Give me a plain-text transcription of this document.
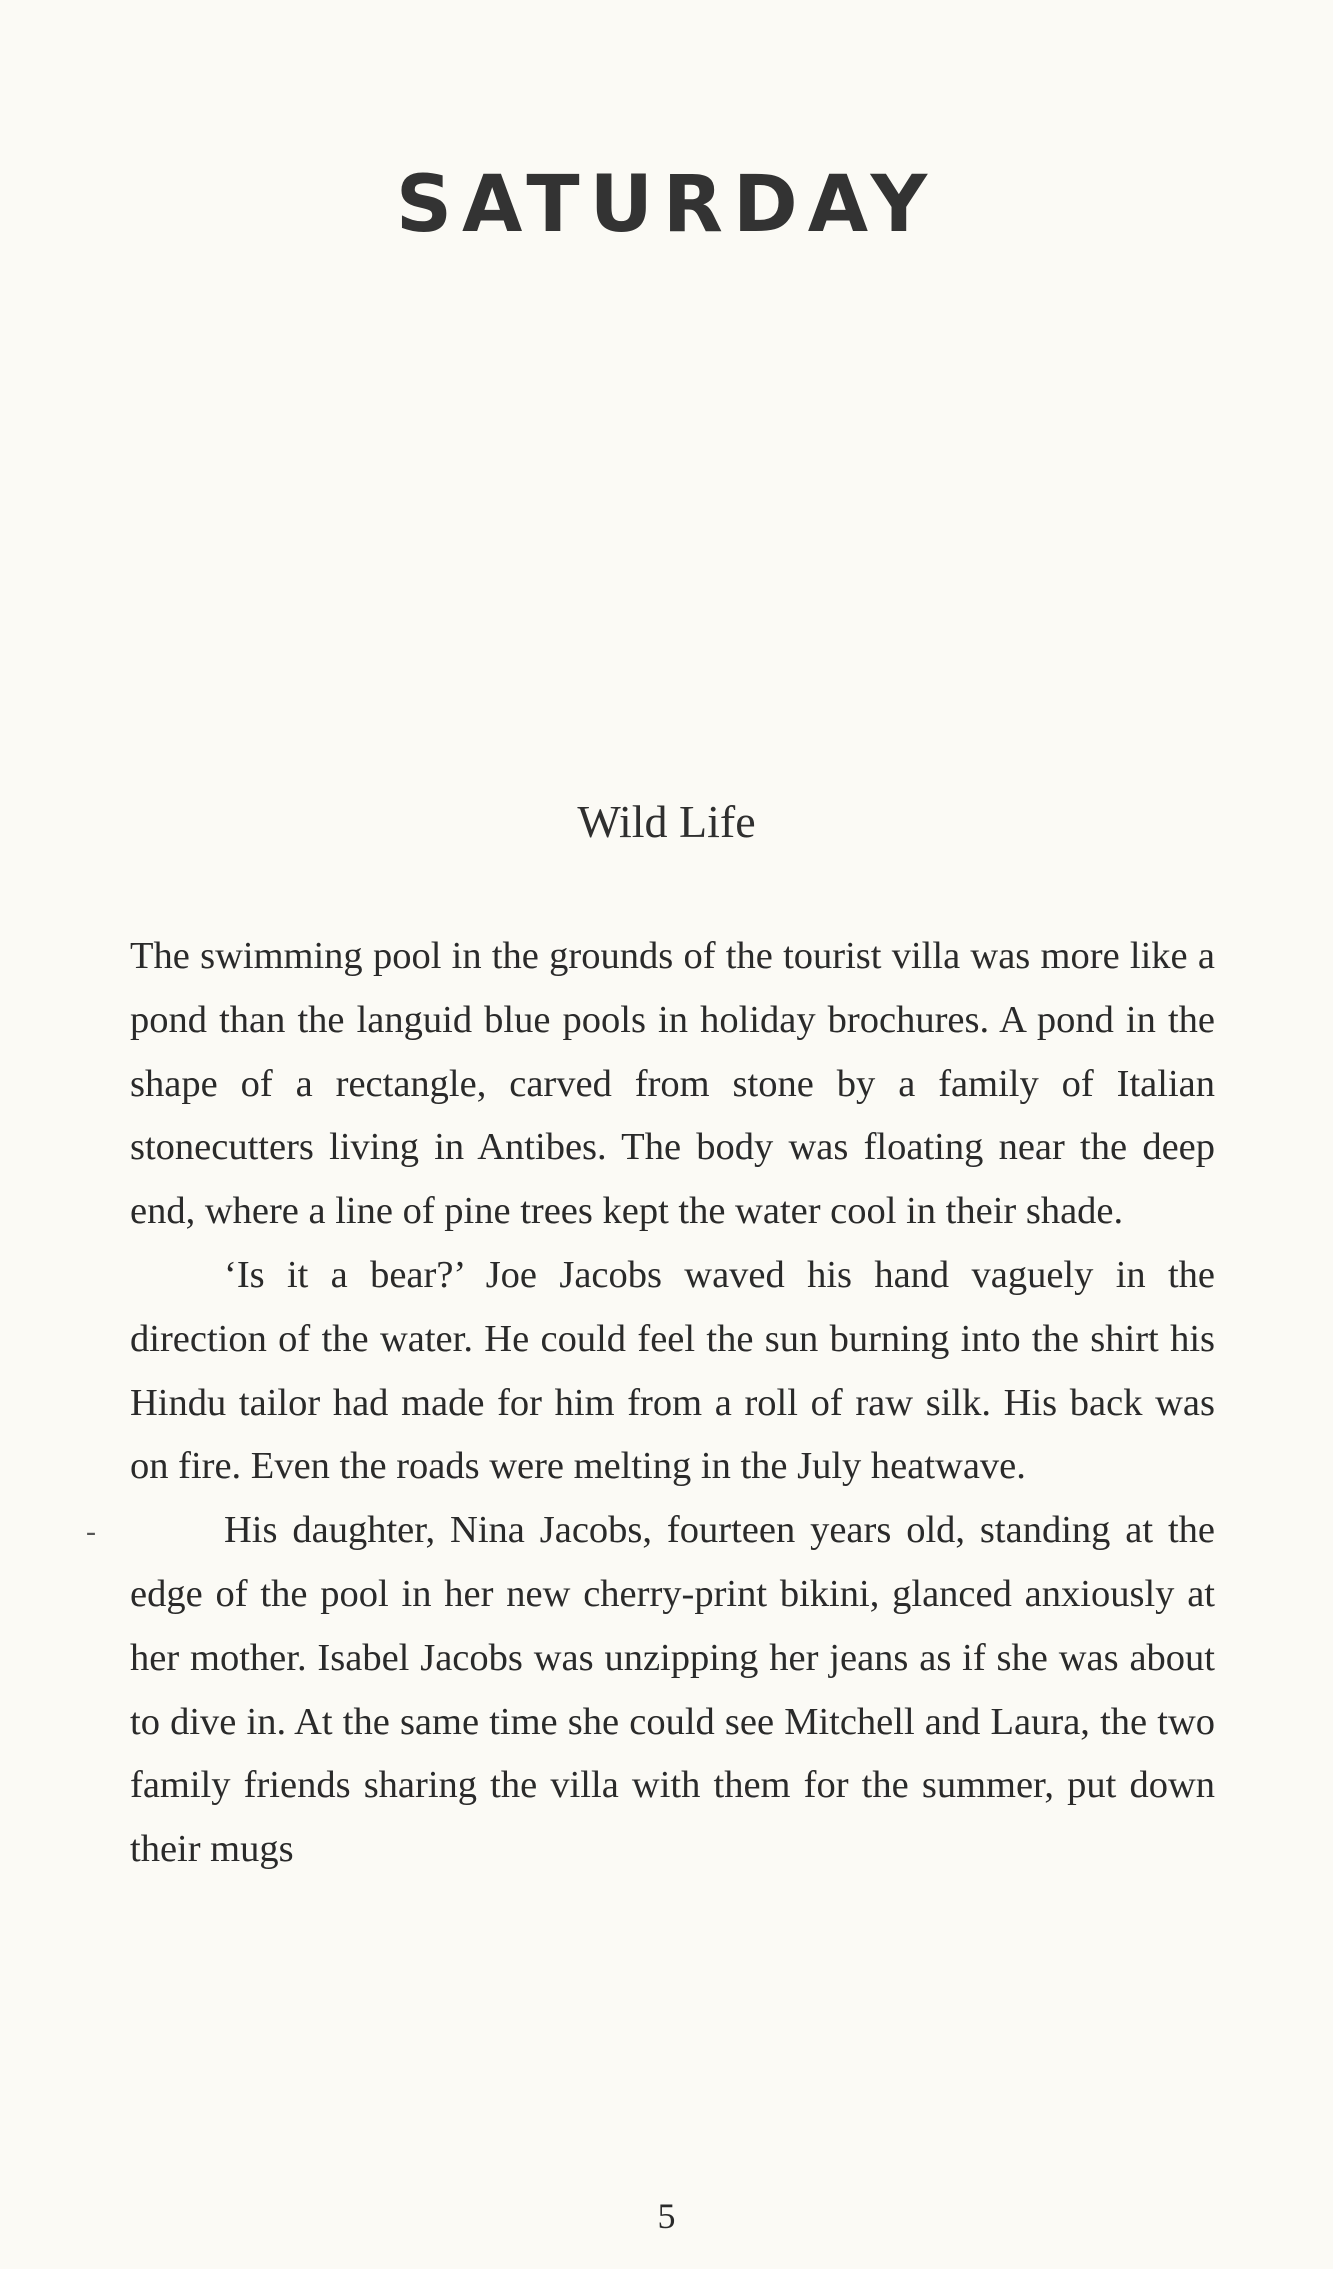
SATURDAY
Wild Life

The swimming pool in the grounds of the tourist villa was more like a pond than the languid blue pools in holiday brochures. A pond in the shape of a rectangle, carved from stone by a family of Italian stonecutters living in Antibes. The body was floating near the deep end, where a line of pine trees kept the water cool in their shade.

‘Is it a bear?’ Joe Jacobs waved his hand vaguely in the direction of the water. He could feel the sun burning into the shirt his Hindu tailor had made for him from a roll of raw silk. His back was on fire. Even the roads were melting in the July heatwave.

His daughter, Nina Jacobs, fourteen years old, standing at the edge of the pool in her new cherry-print bikini, glanced anxiously at her mother. Isabel Jacobs was unzipping her jeans as if she was about to dive in. At the same time she could see Mitchell and Laura, the two family friends sharing the villa with them for the summer, put down their mugs

-
5
